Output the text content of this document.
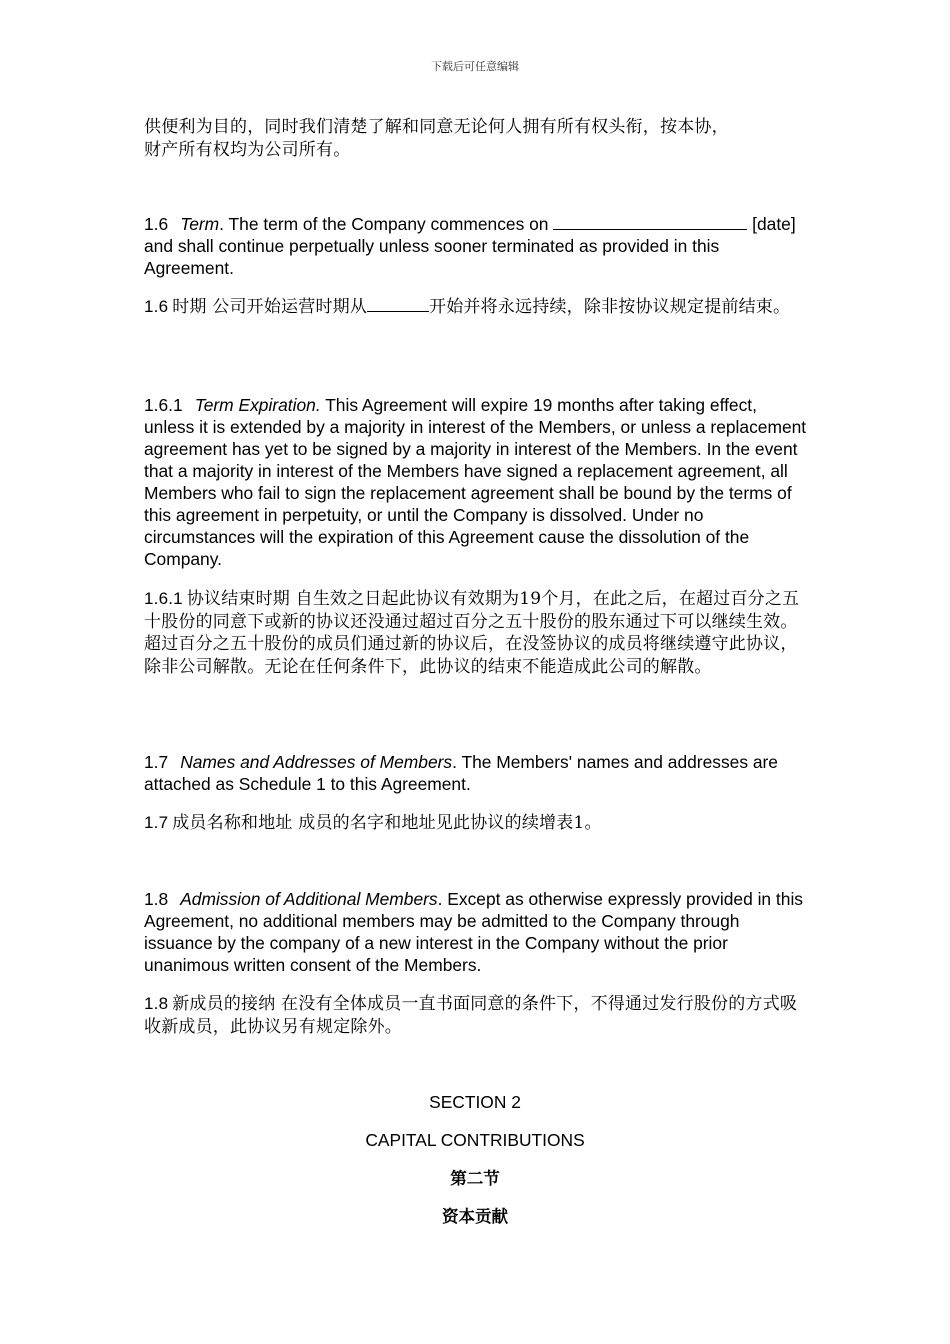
下载后可任意编辑
供便利为目的，同时我们清楚了解和同意无论何人拥有所有权头衔，按本协，
财产所有权均为公司所有。
1.6 Term. The term of the Company commences on	[date] and shall continue perpetually unless sooner terminated as provided in this Agreement.
1.6 时期 公司开始运营时期从	开始并将永远持续，除非按协议规定提前结束。
1.6.1 Term Expiration. This Agreement will expire 19 months after taking effect, unless it is extended by a majority in interest of the Members, or unless a replacement agreement has yet to be signed by a majority in interest of the Members. In the event that a majority in interest of the Members have signed a replacement agreement, all Members who fail to sign the replacement agreement shall be bound by the terms of this agreement in perpetuity, or until the Company is dissolved. Under no circumstances will the expiration of this Agreement cause the dissolution of the Company.
1.6.1 协议结束时期 自生效之日起此协议有效期为19个月，在此之后，在超过百分之五十股份的同意下或新的协议还没通过超过百分之五十股份的股东通过下可以继续生效。超过百分之五十股份的成员们通过新的协议后，在没签协议的成员将继续遵守此协议，除非公司解散。无论在任何条件下，此协议的结束不能造成此公司的解散。
1.7 Names and Addresses of Members. The Members' names and addresses are attached as Schedule 1 to this Agreement.
1.7 成员名称和地址 成员的名字和地址见此协议的续增表1。
1.8 Admission of Additional Members. Except as otherwise expressly provided in this Agreement, no additional members may be admitted to the Company through issuance by the company of a new interest in the Company without the prior unanimous written consent of the Members.
1.8 新成员的接纳 在没有全体成员一直书面同意的条件下，不得通过发行股份的方式吸收新成员，此协议另有规定除外。
SECTION 2
CAPITAL CONTRIBUTIONS
第二节
资本贡献
